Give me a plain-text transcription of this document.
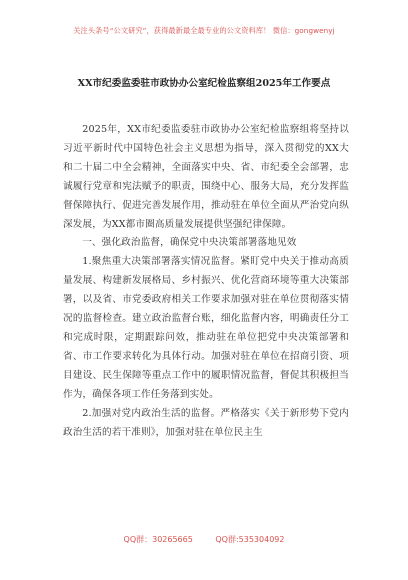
关注头条号“公文研究”，获得最新最全最专业的公文资料库！ 微信：gongwenyj
XX市纪委监委驻市政协办公室纪检监察组2025年工作要点

2025年，XX市纪委监委驻市政协办公室纪检监察组将坚持以习近平新时代中国特色社会主义思想为指导，深入贯彻党的XX大和二十届二中全会精神，全面落实中央、省、市纪委全会部署，忠诚履行党章和宪法赋予的职责，围绕中心、服务大局，充分发挥监督保障执行、促进完善发展作用，推动驻在单位全面从严治党向纵深发展，为XX都市圈高质量发展提供坚强纪律保障。

一、强化政治监督，确保党中央决策部署落地见效

1.聚焦重大决策部署落实情况监督。紧盯党中央关于推动高质量发展、构建新发展格局、乡村振兴、优化营商环境等重大决策部署，以及省、市党委政府相关工作要求加强对驻在单位贯彻落实情况的监督检查。建立政治监督台账，细化监督内容，明确责任分工和完成时限，定期跟踪问效，推动驻在单位把党中央决策部署和省、市工作要求转化为具体行动。加强对驻在单位在招商引资、项目建设、民生保障等重点工作中的履职情况监督，督促其积极担当作为，确保各项工作任务落到实处。

2.加强对党内政治生活的监督。严格落实《关于新形势下党内政治生活的若干准则》，加强对驻在单位民主生

QQ群：30265665	QQ群:535304092
